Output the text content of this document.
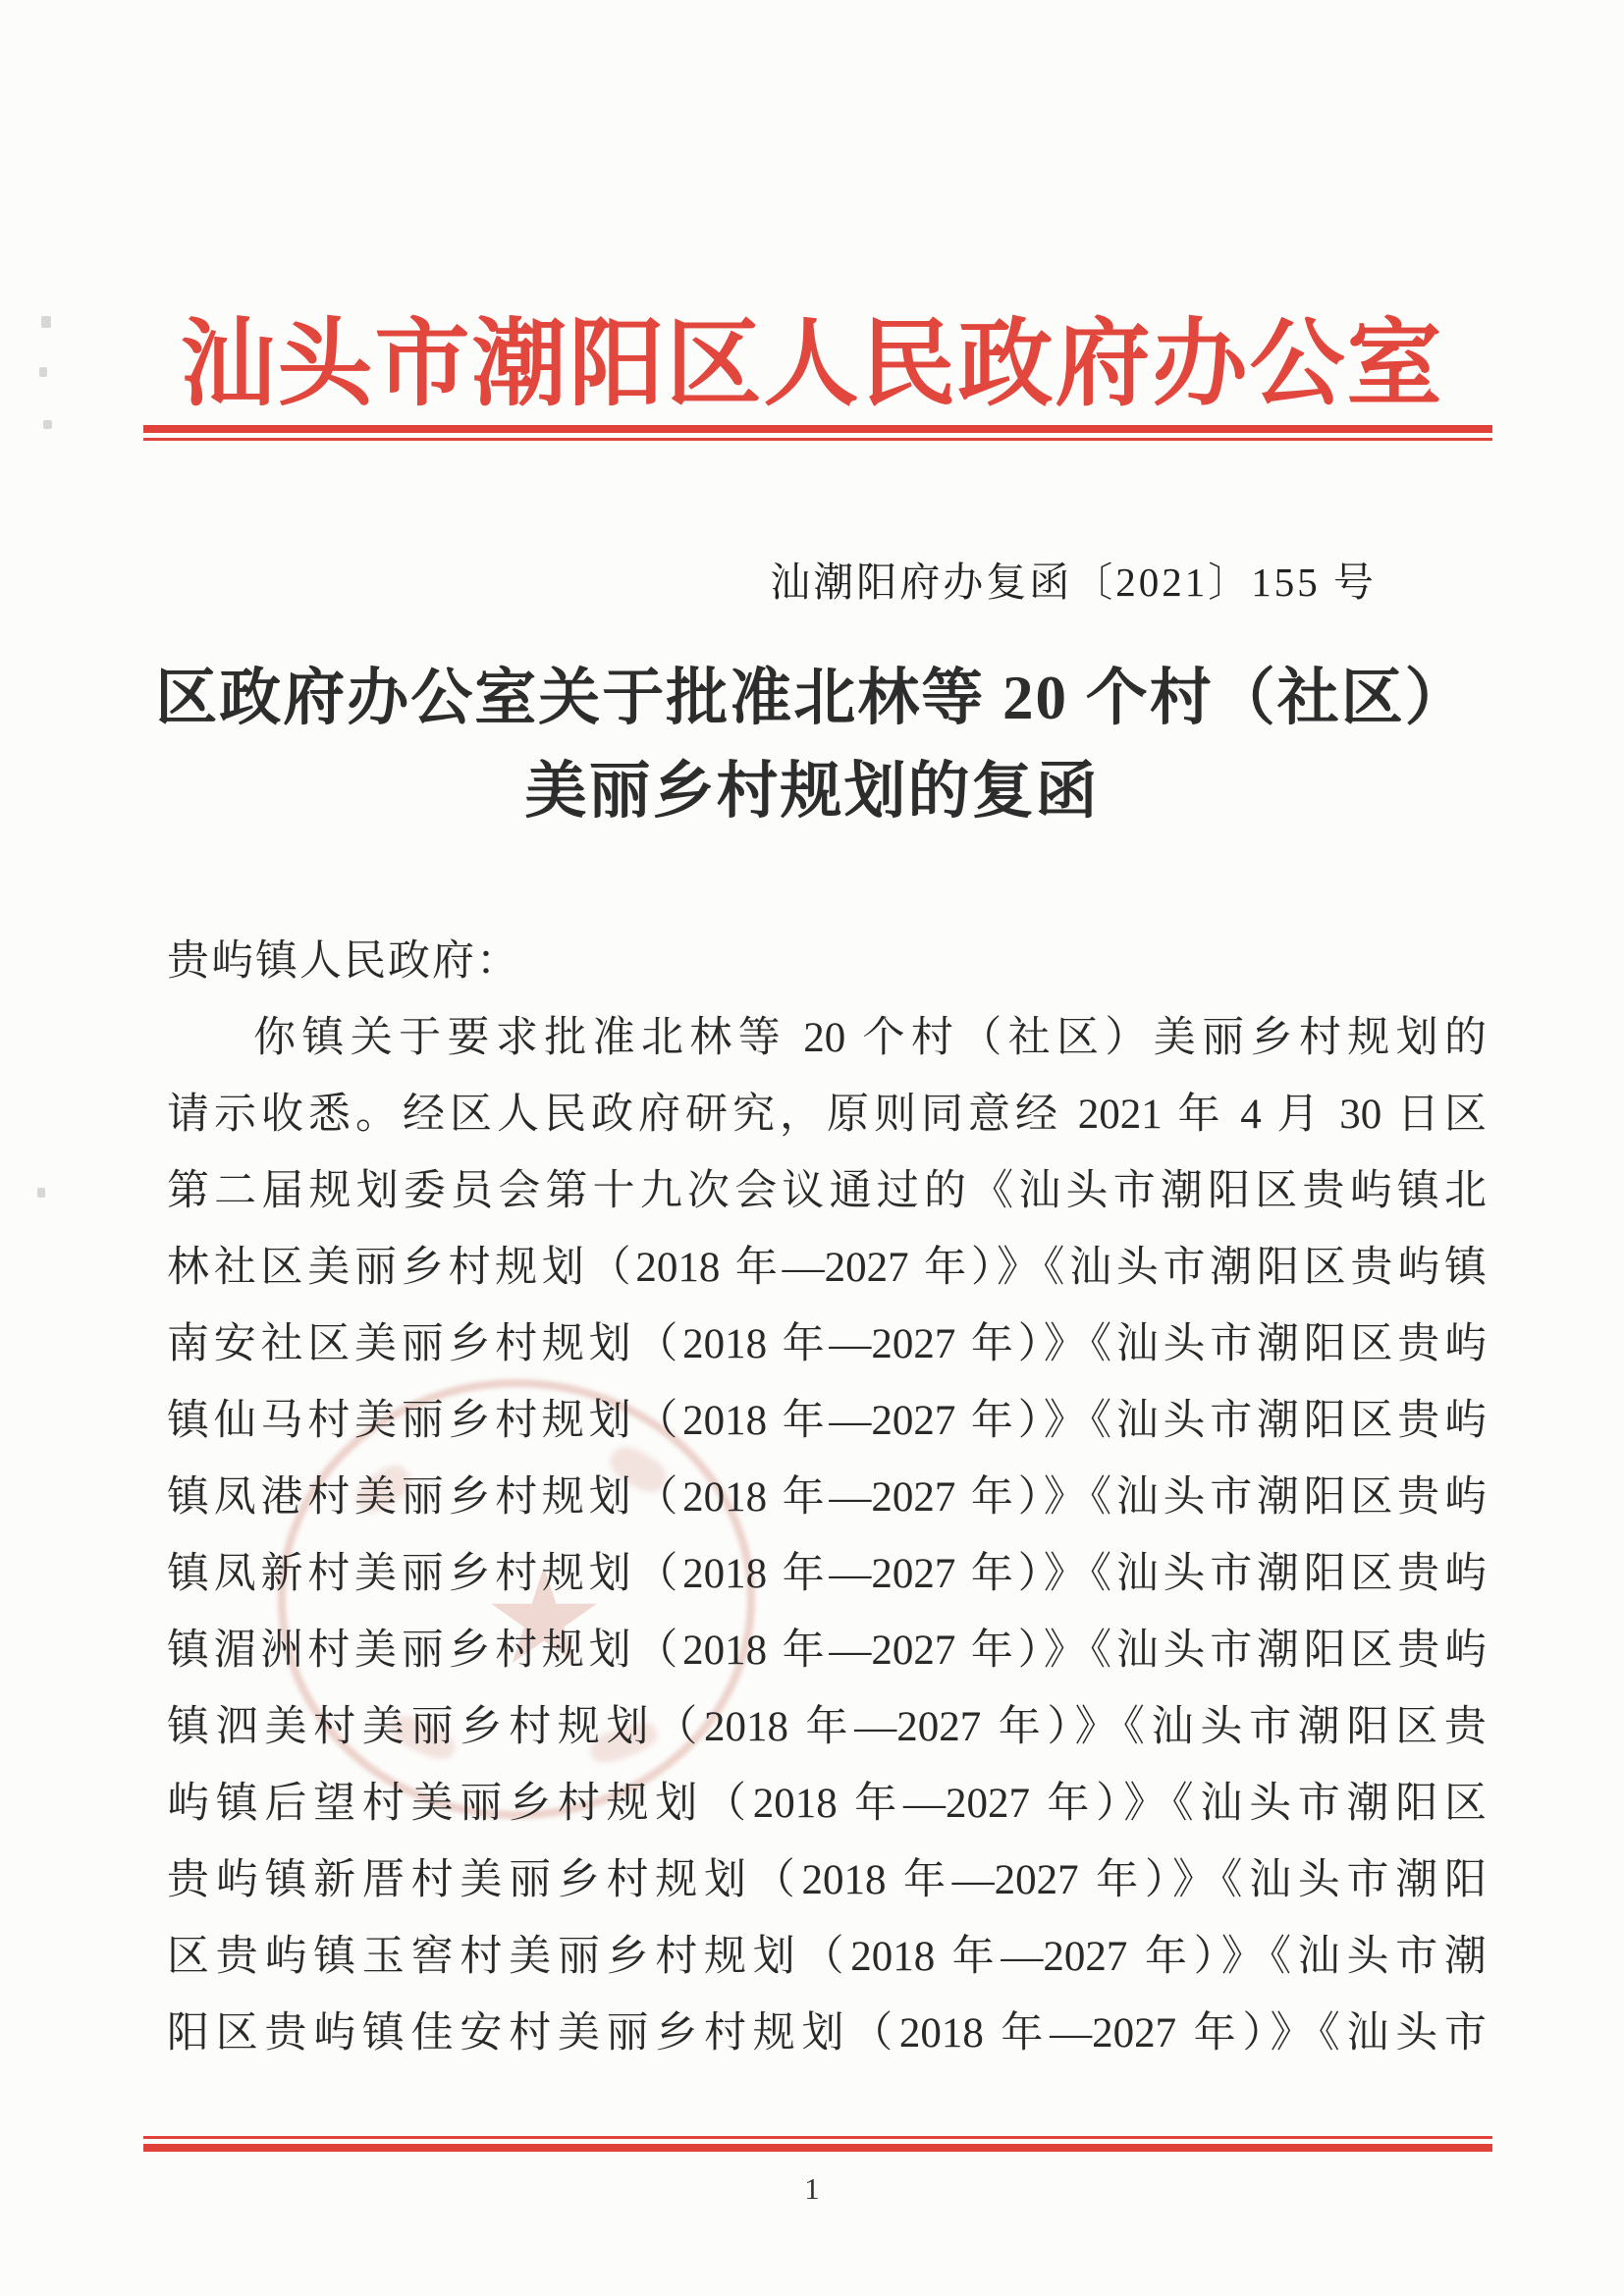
汕头市潮阳区人民政府办公室
汕潮阳府办复函〔2021〕155 号
区政府办公室关于批准北林等 20 个村（社区）
美丽乡村规划的复函
贵屿镇人民政府：
你镇关于要求批准北林等 20 个村（社区）美丽乡村规划的
请示收悉。经区人民政府研究，原则同意经 2021 年 4 月 30 日区
第二届规划委员会第十九次会议通过的《汕头市潮阳区贵屿镇北
林社区美丽乡村规划（2018 年—2027 年）》《汕头市潮阳区贵屿镇
南安社区美丽乡村规划（2018 年—2027 年）》《汕头市潮阳区贵屿
镇仙马村美丽乡村规划（2018 年—2027 年）》《汕头市潮阳区贵屿
镇凤港村美丽乡村规划（2018 年—2027 年）》《汕头市潮阳区贵屿
镇凤新村美丽乡村规划（2018 年—2027 年）》《汕头市潮阳区贵屿
镇湄洲村美丽乡村规划（2018 年—2027 年）》《汕头市潮阳区贵屿
镇泗美村美丽乡村规划（2018 年—2027 年）》《汕头市潮阳区贵
屿镇后望村美丽乡村规划（2018 年—2027 年）》《汕头市潮阳区
贵屿镇新厝村美丽乡村规划（2018 年—2027 年）》《汕头市潮阳
区贵屿镇玉窖村美丽乡村规划（2018 年—2027 年）》《汕头市潮
阳区贵屿镇佳安村美丽乡村规划（2018 年—2027 年）》《汕头市
1
